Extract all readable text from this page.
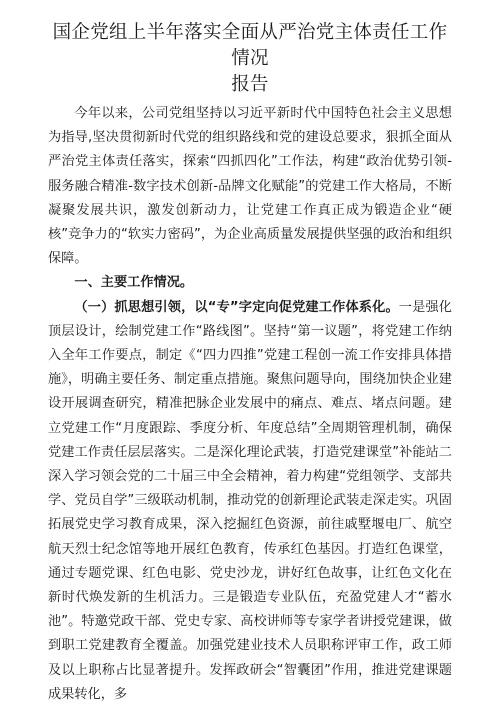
国企党组上半年落实全面从严治党主体责任工作情况
报告

今年以来，公司党组坚持以习近平新时代中国特色社会主义思想为指导,坚决贯彻新时代党的组织路线和党的建设总要求，狠抓全面从严治党主体责任落实，探索“四抓四化”工作法，构建“政治优势引领-服务融合精准-数字技术创新-品牌文化赋能”的党建工作大格局，不断凝聚发展共识，激发创新动力，让党建工作真正成为锻造企业“硬核”竞争力的“软实力密码”，为企业高质量发展提供坚强的政治和组织保障。

一、主要工作情况。

（一）抓思想引领，以“专”字定向促党建工作体系化。一是强化顶层设计，绘制党建工作“路线图”。坚持“第一议题”，将党建工作纳入全年工作要点，制定《“四力四推”党建工程创一流工作安排具体措施》，明确主要任务、制定重点措施。聚焦问题导向，围绕加快企业建设开展调查研究，精准把脉企业发展中的痛点、难点、堵点问题。建立党建工作“月度跟踪、季度分析、年度总结”全周期管理机制，确保党建工作责任层层落实。二是深化理论武装，打造党建课堂”补能站二深入学习领会党的二十届三中全会精神，着力构建“党组领学、支部共学、党员自学”三级联动机制，推动党的创新理论武装走深走实。巩固拓展党史学习教育成果，深入挖掘红色资源，前往戚墅堰电厂、航空航天烈士纪念馆等地开展红色教育，传承红色基因。打造红色课堂，通过专题党课、红色电影、党史沙龙，讲好红色故事，让红色文化在新时代焕发新的生机活力。三是锻造专业队伍，充盈党建人才“蓄水池”。特邀党政干部、党史专家、高校讲师等专家学者讲授党建课，做到职工党建教育全覆盖。加强党建业技术人员职称评审工作，政工师及以上职称占比显著提升。发挥政研会“智囊团”作用，推进党建课题成果转化，多
